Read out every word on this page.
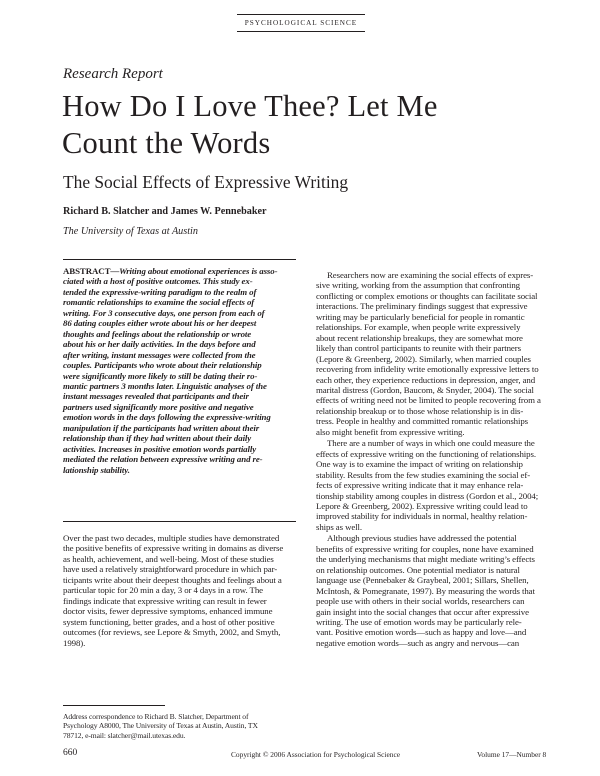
PSYCHOLOGICAL SCIENCE
Research Report
How Do I Love Thee? Let Me
Count the Words
The Social Effects of Expressive Writing
Richard B. Slatcher and James W. Pennebaker
The University of Texas at Austin

ABSTRACT—Writing about emotional experiences is asso-

ciated with a host of positive outcomes. This study ex-

tended the expressive-writing paradigm to the realm of

romantic relationships to examine the social effects of

writing. For 3 consecutive days, one person from each of

86 dating couples either wrote about his or her deepest

thoughts and feelings about the relationship or wrote

about his or her daily activities. In the days before and

after writing, instant messages were collected from the

couples. Participants who wrote about their relationship

were significantly more likely to still be dating their ro-

mantic partners 3 months later. Linguistic analyses of the

instant messages revealed that participants and their

partners used significantly more positive and negative

emotion words in the days following the expressive-writing

manipulation if the participants had written about their

relationship than if they had written about their daily

activities. Increases in positive emotion words partially

mediated the relation between expressive writing and re-

lationship stability.

Over the past two decades, multiple studies have demonstrated
the positive benefits of expressive writing in domains as diverse
as health, achievement, and well-being. Most of these studies
have used a relatively straightforward procedure in which par-
ticipants write about their deepest thoughts and feelings about a
particular topic for 20 min a day, 3 or 4 days in a row. The
findings indicate that expressive writing can result in fewer
doctor visits, fewer depressive symptoms, enhanced immune
system functioning, better grades, and a host of other positive
outcomes (for reviews, see Lepore & Smyth, 2002, and Smyth,
1998).
Address correspondence to Richard B. Slatcher, Department of
Psychology A8000, The University of Texas at Austin, Austin, TX
78712, e-mail: slatcher@mail.utexas.edu.
Researchers now are examining the social effects of expres-
sive writing, working from the assumption that confronting
conflicting or complex emotions or thoughts can facilitate social
interactions. The preliminary findings suggest that expressive
writing may be particularly beneficial for people in romantic
relationships. For example, when people write expressively
about recent relationship breakups, they are somewhat more
likely than control participants to reunite with their partners
(Lepore & Greenberg, 2002). Similarly, when married couples
recovering from infidelity write emotionally expressive letters to
each other, they experience reductions in depression, anger, and
marital distress (Gordon, Baucom, & Snyder, 2004). The social
effects of writing need not be limited to people recovering from a
relationship breakup or to those whose relationship is in dis-
tress. People in healthy and committed romantic relationships
also might benefit from expressive writing.
There are a number of ways in which one could measure the
effects of expressive writing on the functioning of relationships.
One way is to examine the impact of writing on relationship
stability. Results from the few studies examining the social ef-
fects of expressive writing indicate that it may enhance rela-
tionship stability among couples in distress (Gordon et al., 2004;
Lepore & Greenberg, 2002). Expressive writing could lead to
improved stability for individuals in normal, healthy relation-
ships as well.
Although previous studies have addressed the potential
benefits of expressive writing for couples, none have examined
the underlying mechanisms that might mediate writing’s effects
on relationship outcomes. One potential mediator is natural
language use (Pennebaker & Graybeal, 2001; Sillars, Shellen,
McIntosh, & Pomegranate, 1997). By measuring the words that
people use with others in their social worlds, researchers can
gain insight into the social changes that occur after expressive
writing. The use of emotion words may be particularly rele-
vant. Positive emotion words—such as happy and love—and
negative emotion words—such as angry and nervous—can
660	Copyright © 2006 Association for Psychological Science	Volume 17—Number 8
